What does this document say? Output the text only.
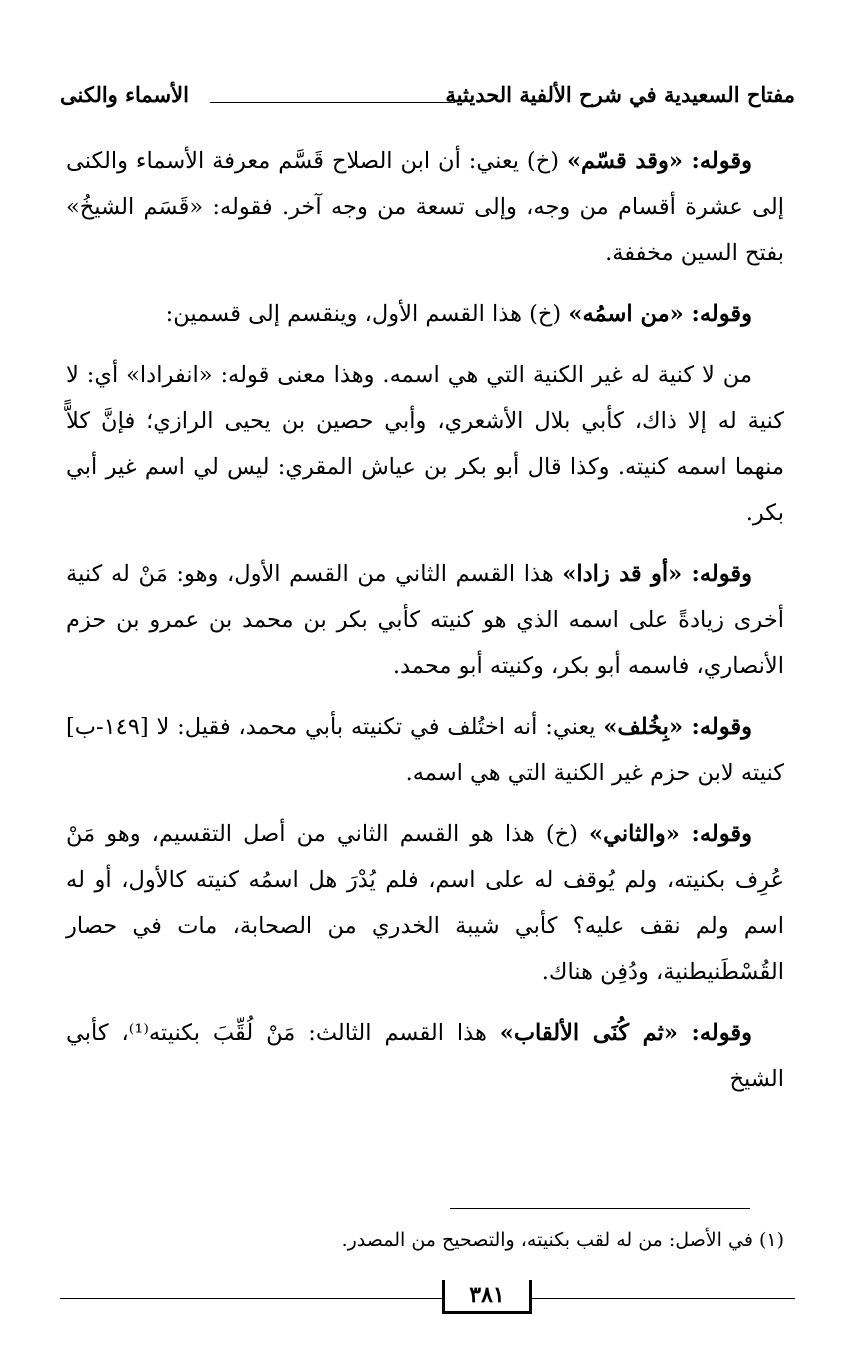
مفتاح السعيدية في شرح الألفية الحديثية
الأسماء والكنى

وقوله: «وقد قسّم» (خ) يعني: أن ابن الصلاح قَسَّم معرفة الأسماء والكنى إلى عشرة أقسام من وجه، وإلى تسعة من وجه آخر. فقوله: «قَسَم الشيخُ» بفتح السين مخففة.

وقوله: «من اسمُه» (خ) هذا القسم الأول، وينقسم إلى قسمين:

من لا كنية له غير الكنية التي هي اسمه. وهذا معنى قوله: «انفرادا» أي: لا كنية له إلا ذاك، كأبي بلال الأشعري، وأبي حصين بن يحيى الرازي؛ فإنَّ كلاًّ منهما اسمه كنيته. وكذا قال أبو بكر بن عياش المقري: ليس لي اسم غير أبي بكر.

وقوله: «أو قد زادا» هذا القسم الثاني من القسم الأول، وهو: مَنْ له كنية أخرى زيادةً على اسمه الذي هو كنيته كأبي بكر بن محمد بن عمرو بن حزم الأنصاري، فاسمه أبو بكر، وكنيته أبو محمد.

وقوله: «بِخُلف» يعني: أنه اختُلف في تكنيته بأبي محمد، فقيل: لا [١٤٩-ب] كنيته لابن حزم غير الكنية التي هي اسمه.

وقوله: «والثاني» (خ) هذا هو القسم الثاني من أصل التقسيم، وهو مَنْ عُرِف بكنيته، ولم يُوقف له على اسم، فلم يُدْرَ هل اسمُه كنيته كالأول، أو له اسم ولم نقف عليه؟ كأبي شيبة الخدري من الصحابة، مات في حصار القُسْطَنيطنية، ودُفِن هناك.

وقوله: «ثم كُنَى الألقاب» هذا القسم الثالث: مَنْ لُقِّبَ بكنيته⁽¹⁾، كأبي الشيخ

(١) في الأصل: من له لقب بكنيته، والتصحيح من المصدر.
٣٨١
